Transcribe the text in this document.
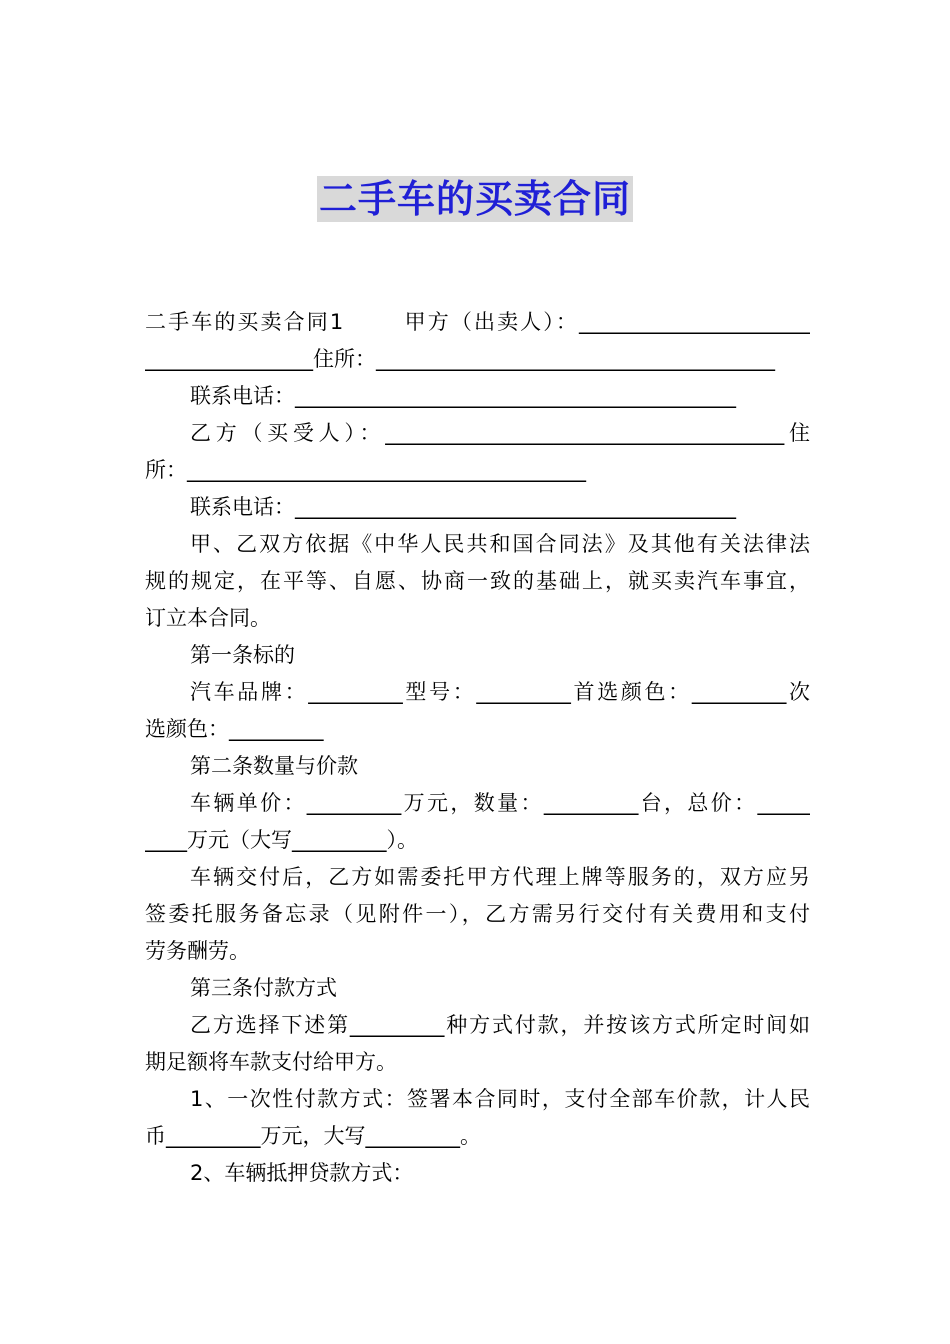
二手车的买卖合同
二手车的买卖合同1       甲方（出卖人）：______________________
________________住所：______________________________________
联系电话：__________________________________________
乙方（买受人）：______________________________________住
所：______________________________________
联系电话：__________________________________________
甲、乙双方依据《中华人民共和国合同法》及其他有关法律法
规的规定，在平等、自愿、协商一致的基础上，就买卖汽车事宜，
订立本合同。
第一条标的
汽车品牌：_________型号：_________首选颜色：_________次
选颜色：_________
第二条数量与价款
车辆单价：_________万元，数量：_________台，总价：_____
____万元（大写_________）。
车辆交付后，乙方如需委托甲方代理上牌等服务的，双方应另
签委托服务备忘录（见附件一），乙方需另行交付有关费用和支付
劳务酬劳。
第三条付款方式
乙方选择下述第_________种方式付款，并按该方式所定时间如
期足额将车款支付给甲方。
1、一次性付款方式：签署本合同时，支付全部车价款，计人民
币_________万元，大写_________。
2、车辆抵押贷款方式：
